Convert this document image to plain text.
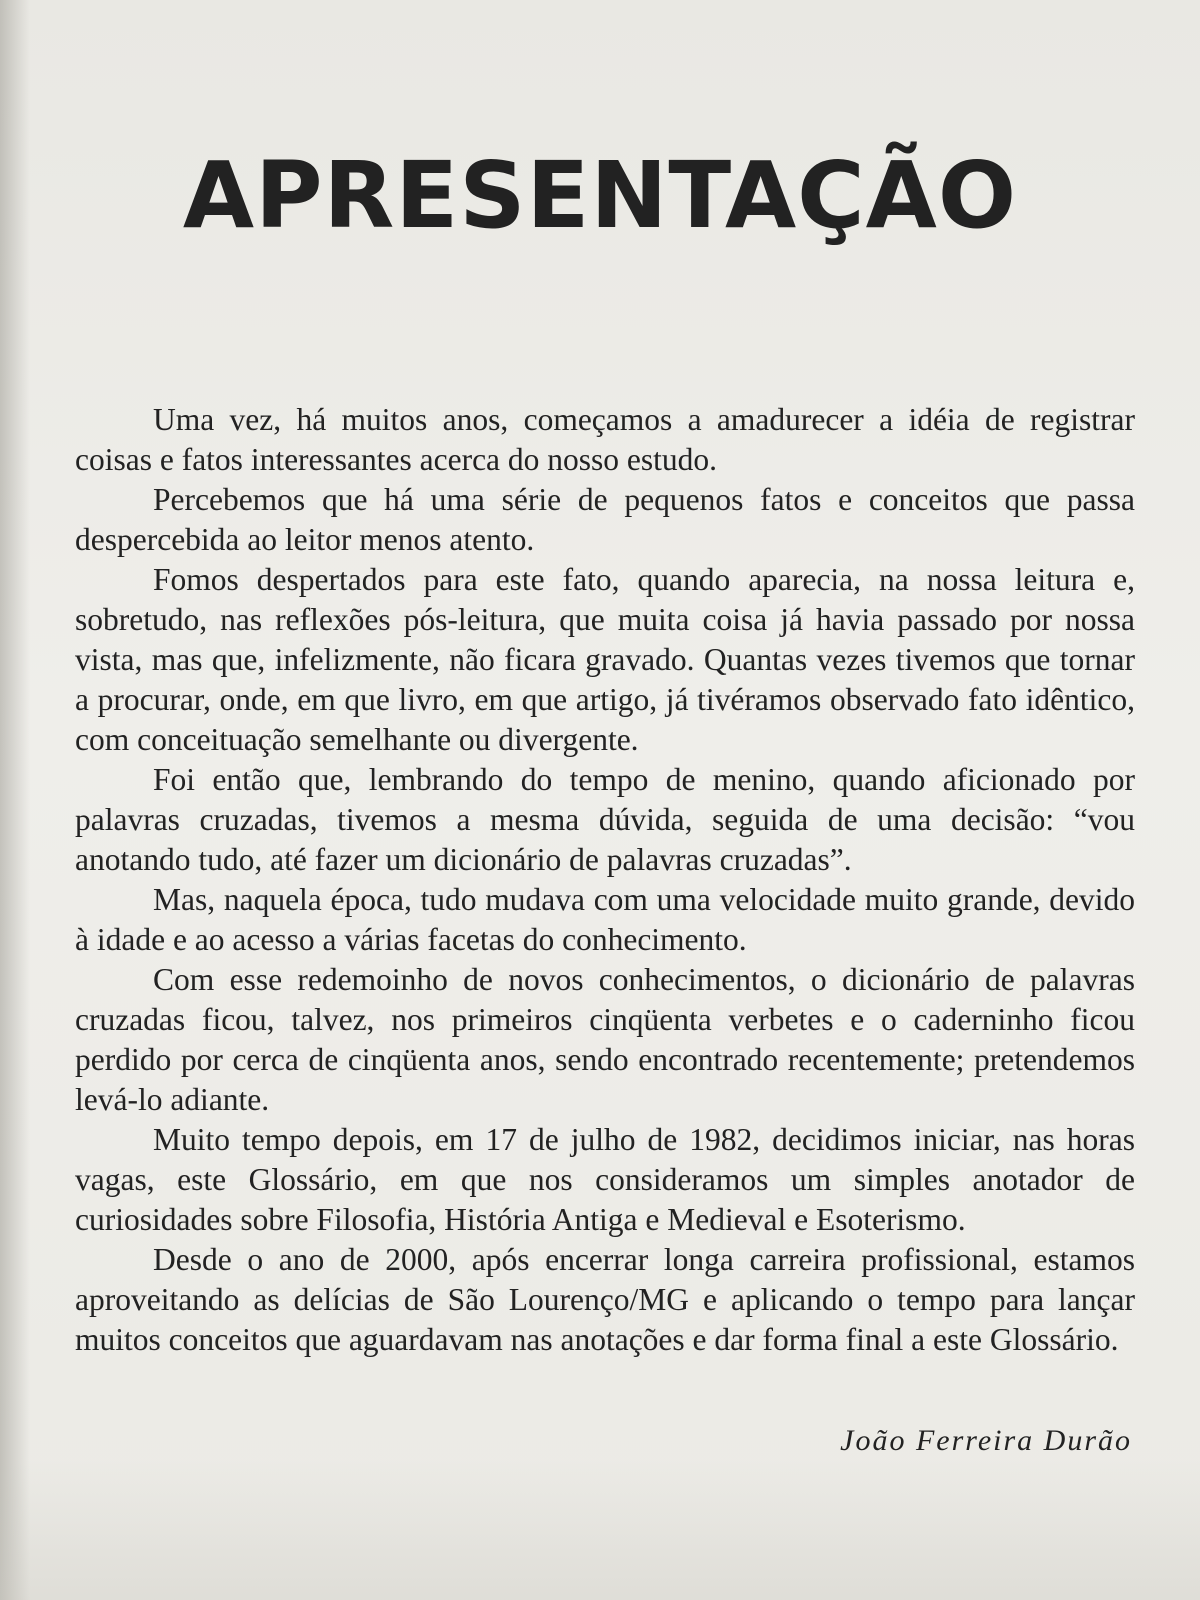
APRESENTAÇÃO

Uma vez, há muitos anos, começamos a amadurecer a idéia de registrar coisas e fatos interessantes acerca do nosso estudo.

Percebemos que há uma série de pequenos fatos e conceitos que passa despercebida ao leitor menos atento.

Fomos despertados para este fato, quando aparecia, na nossa leitura e, sobretudo, nas reflexões pós-leitura, que muita coisa já havia passado por nossa vista, mas que, infelizmente, não ficara gravado. Quantas vezes tivemos que tornar a procurar, onde, em que livro, em que artigo, já tivéramos observado fato idêntico, com conceituação semelhante ou divergente.

Foi então que, lembrando do tempo de menino, quando aficionado por palavras cruzadas, tivemos a mesma dúvida, seguida de uma decisão: “vou anotando tudo, até fazer um dicionário de palavras cruzadas”.

Mas, naquela época, tudo mudava com uma velocidade muito grande, devido à idade e ao acesso a várias facetas do conhecimento.

Com esse redemoinho de novos conhecimentos, o dicionário de palavras cruzadas ficou, talvez, nos primeiros cinqüenta verbetes e o caderninho ficou perdido por cerca de cinqüenta anos, sendo encontrado recentemente; pretendemos levá-lo adiante.

Muito tempo depois, em 17 de julho de 1982, decidimos iniciar, nas horas vagas, este Glossário, em que nos consideramos um simples anotador de curiosidades sobre Filosofia, História Antiga e Medieval e Esoterismo.

Desde o ano de 2000, após encerrar longa carreira profissional, estamos aproveitando as delícias de São Lourenço/MG e aplicando o tempo para lançar muitos conceitos que aguardavam nas anotações e dar forma final a este Glossário.

João Ferreira Durão
